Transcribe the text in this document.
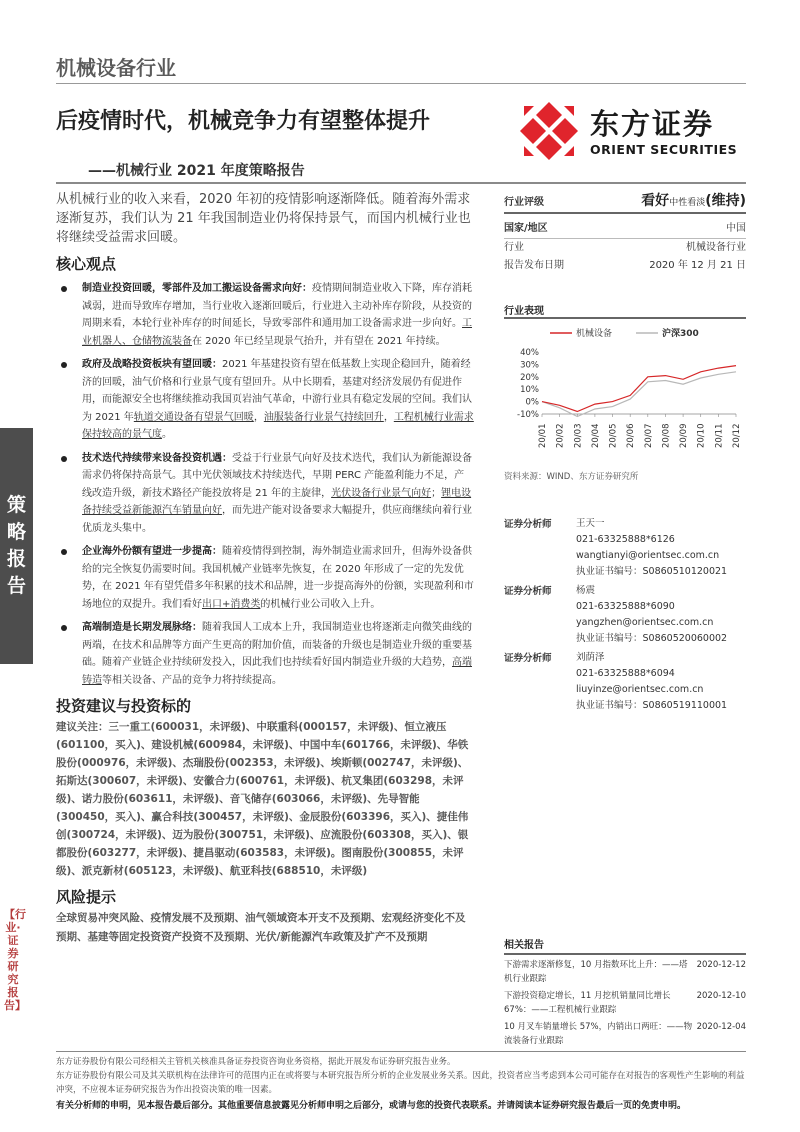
机械设备行业
后疫情时代，机械竞争力有望整体提升
——机械行业 2021 年度策略报告
东方证券
ORIENT SECURITIES
策
略
报
告
【行业·证券研究报告】

从机械行业的收入来看，2020 年初的疫情影响逐渐降低。随着海外需求逐渐复苏，我们认为 21 年我国制造业仍将保持景气，而国内机械行业也将继续受益需求回暖。

核心观点
制造业投资回暖，零部件及加工搬运设备需求向好：疫情期间制造业收入下降，库存消耗减弱，进而导致库存增加，当行业收入逐渐回暖后，行业进入主动补库存阶段，从投资的周期来看，本轮行业补库存的时间延长，导致零部件和通用加工设备需求进一步向好。工业机器人、仓储物流装备在 2020 年已经呈现景气抬升，并有望在 2021 年持续。
政府及战略投资板块有望回暖：2021 年基建投资有望在低基数上实现企稳回升，随着经济的回暖，油气价格和行业景气度有望回升。从中长期看，基建对经济发展仍有促进作用，而能源安全也将继续推动我国页岩油气革命，中游行业具有稳定发展的空间。我们认为 2021 年轨道交通设备有望景气回暖，油服装备行业景气持续回升，工程机械行业需求保持较高的景气度。
技术迭代持续带来设备投资机遇：受益于行业景气向好及技术迭代，我们认为新能源设备需求仍将保持高景气。其中光伏领域技术持续迭代，早期 PERC 产能盈利能力不足，产线改造升级，新技术路径产能投放将是 21 年的主旋律，光伏设备行业景气向好；锂电设备持续受益新能源汽车销量向好，而先进产能对设备要求大幅提升，供应商继续向着行业优质龙头集中。
企业海外份额有望进一步提高：随着疫情得到控制，海外制造业需求回升，但海外设备供给的完全恢复仍需要时间。我国机械产业链率先恢复，在 2020 年形成了一定的先发优势，在 2021 年有望凭借多年积累的技术和品牌，进一步提高海外的份额，实现盈利和市场地位的双提升。我们看好出口+消费类的机械行业公司收入上升。
高端制造是长期发展脉络：随着我国人工成本上升，我国制造业也将逐渐走向微笑曲线的两端，在技术和品牌等方面产生更高的附加价值，而装备的升级也是制造业升级的重要基础。随着产业链企业持续研发投入，因此我们也持续看好国内制造业升级的大趋势，高端铸造等相关设备、产品的竞争力将持续提高。
投资建议与投资标的

建议关注：三一重工(600031，未评级)、中联重科(000157，未评级)、恒立液压(601100，买入)、建设机械(600984，未评级)、中国中车(601766，未评级)、华铁股份(000976，未评级)、杰瑞股份(002353，未评级)、埃斯顿(002747，未评级)、拓斯达(300607，未评级)、安徽合力(600761，未评级)、杭叉集团(603298，未评级)、诺力股份(603611，未评级)、音飞储存(603066，未评级)、先导智能(300450，买入)、赢合科技(300457，未评级)、金辰股份(603396，买入)、捷佳伟创(300724，未评级)、迈为股份(300751，未评级)、应流股份(603308，买入)、银都股份(603277，未评级)、捷昌驱动(603583，未评级)。图南股份(300855，未评级)、派克新材(605123，未评级)、航亚科技(688510，未评级)

风险提示

全球贸易冲突风险、疫情发展不及预期、油气领域资本开支不及预期、宏观经济变化不及预期、基建等固定投资资产投资不及预期、光伏/新能源汽车政策及扩产不及预期

行业评级	看好中性看淡(维持)
国家/地区	中国
行业	机械设备行业
报告发布日期	2020 年 12 月 21 日
行业表现
机械设备	沪深300
40%
30%
20%
10%
0%
-10%
20/01 20/02 20/03 20/04 20/05 20/06 20/07 20/08 20/09 20/10 20/11 20/12
资料来源：WIND、东方证券研究所
证券分析师	王天一
021-63325888*6126
wangtianyi@orientsec.com.cn
执业证书编号：S0860510120021
证券分析师	杨震
021-63325888*6090
yangzhen@orientsec.com.cn
执业证书编号：S0860520060002
证券分析师	刘荫泽
021-63325888*6094
liuyinze@orientsec.com.cn
执业证书编号：S0860519110001
相关报告
下游需求逐渐修复，10 月指数环比上升：——塔机行业跟踪
2020-12-12
下游投资稳定增长，11 月挖机销量同比增长 67%：——工程机械行业跟踪
2020-12-10
10 月叉车销量增长 57%，内销出口两旺：——物流装备行业跟踪
2020-12-04
东方证券股份有限公司经相关主管机关核准具备证券投资咨询业务资格，据此开展发布证券研究报告业务。
东方证券股份有限公司及其关联机构在法律许可的范围内正在或将要与本研究报告所分析的企业发展业务关系。因此，投资者应当考虑到本公司可能存在对报告的客观性产生影响的利益冲突，不应视本证券研究报告为作出投资决策的唯一因素。
有关分析师的申明，见本报告最后部分。其他重要信息披露见分析师申明之后部分，或请与您的投资代表联系。并请阅读本证券研究报告最后一页的免责申明。
